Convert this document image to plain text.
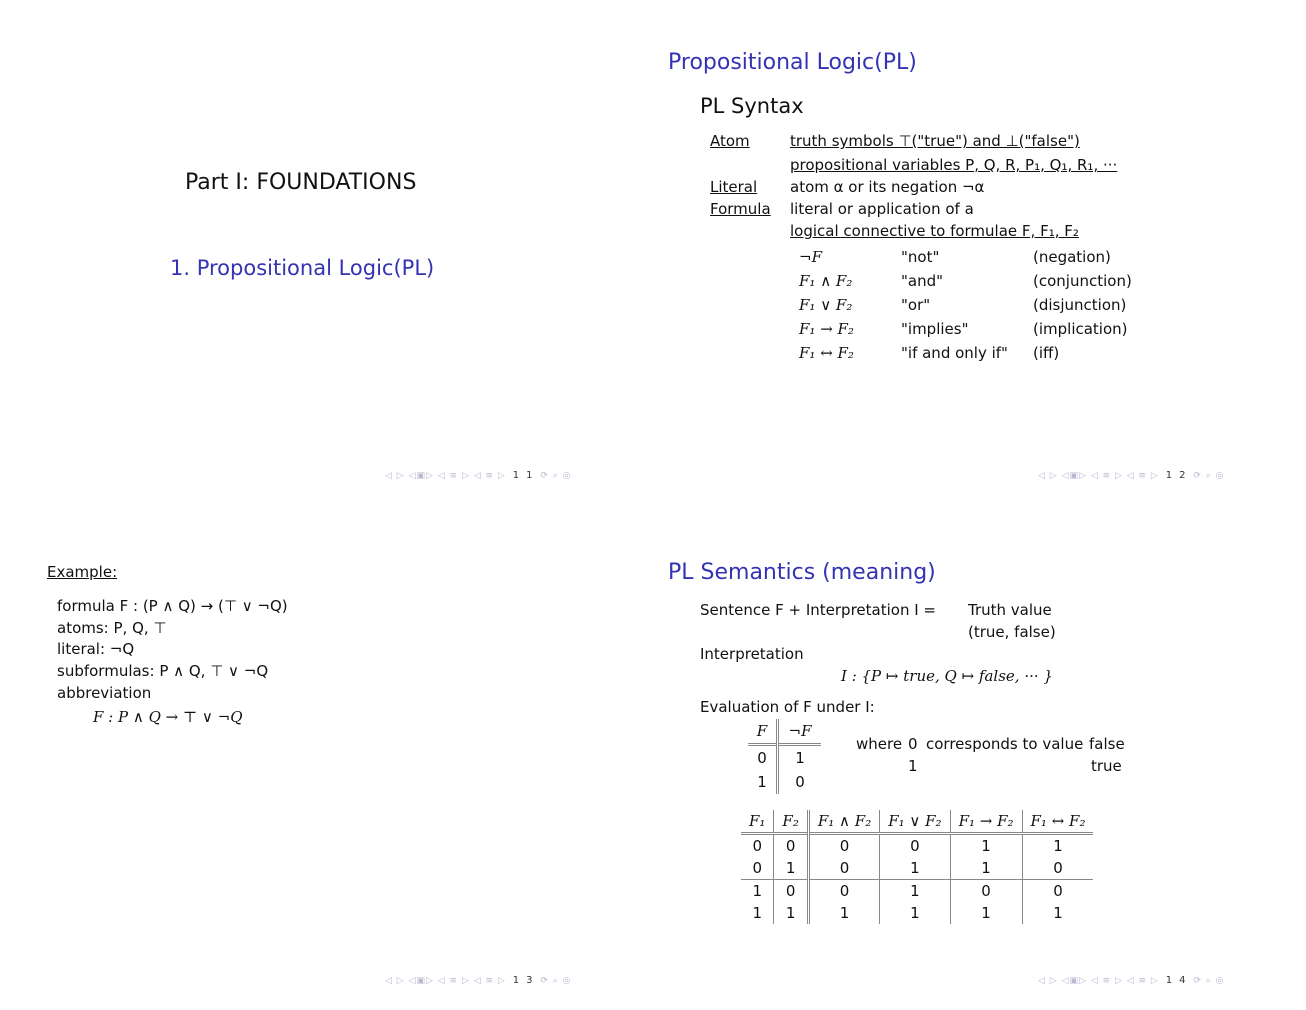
Part I: FOUNDATIONS
1. Propositional Logic(PL)
◁ ▷ ◁▣▷ ◁ ≡ ▷ ◁ ≡ ▷ 1 1 ⟳ ⌕ ◎
Propositional Logic(PL)
PL Syntax
Atom	truth symbols ⊤("true") and ⊥("false")
propositional variables P, Q, R, P₁, Q₁, R₁, ···
Literal atom α or its negation ¬α
Formula literal or application of a
logical connective to formulae F, F₁, F₂
¬F	"not"	(negation)
F₁ ∧ F₂	"and"	(conjunction)
F₁ ∨ F₂	"or"	(disjunction)
F₁ → F₂	"implies"	(implication)
F₁ ↔ F₂	"if and only if"	(iff)
◁ ▷ ◁▣▷ ◁ ≡ ▷ ◁ ≡ ▷ 1 2 ⟳ ⌕ ◎
Example:
formula F : (P ∧ Q) → (⊤ ∨ ¬Q)
atoms: P, Q, ⊤
literal: ¬Q
subformulas: P ∧ Q, ⊤ ∨ ¬Q
abbreviation
F : P ∧ Q → ⊤ ∨ ¬Q
◁ ▷ ◁▣▷ ◁ ≡ ▷ ◁ ≡ ▷ 1 3 ⟳ ⌕ ◎
PL Semantics (meaning)
Sentence F + Interpretation I = Truth value
(true, false)
Interpretation
I : {P ↦ true, Q ↦ false, ··· }
Evaluation of F under I:
F	¬F
0	1
1	0
where 0 corresponds to value false
1	true
F₁	F₂	F₁ ∧ F₂	F₁ ∨ F₂	F₁ → F₂	F₁ ↔ F₂
0	0	0	0	1	1
0	1	0	1	1	0
1	0	0	1	0	0
1	1	1	1	1	1
◁ ▷ ◁▣▷ ◁ ≡ ▷ ◁ ≡ ▷ 1 4 ⟳ ⌕ ◎
